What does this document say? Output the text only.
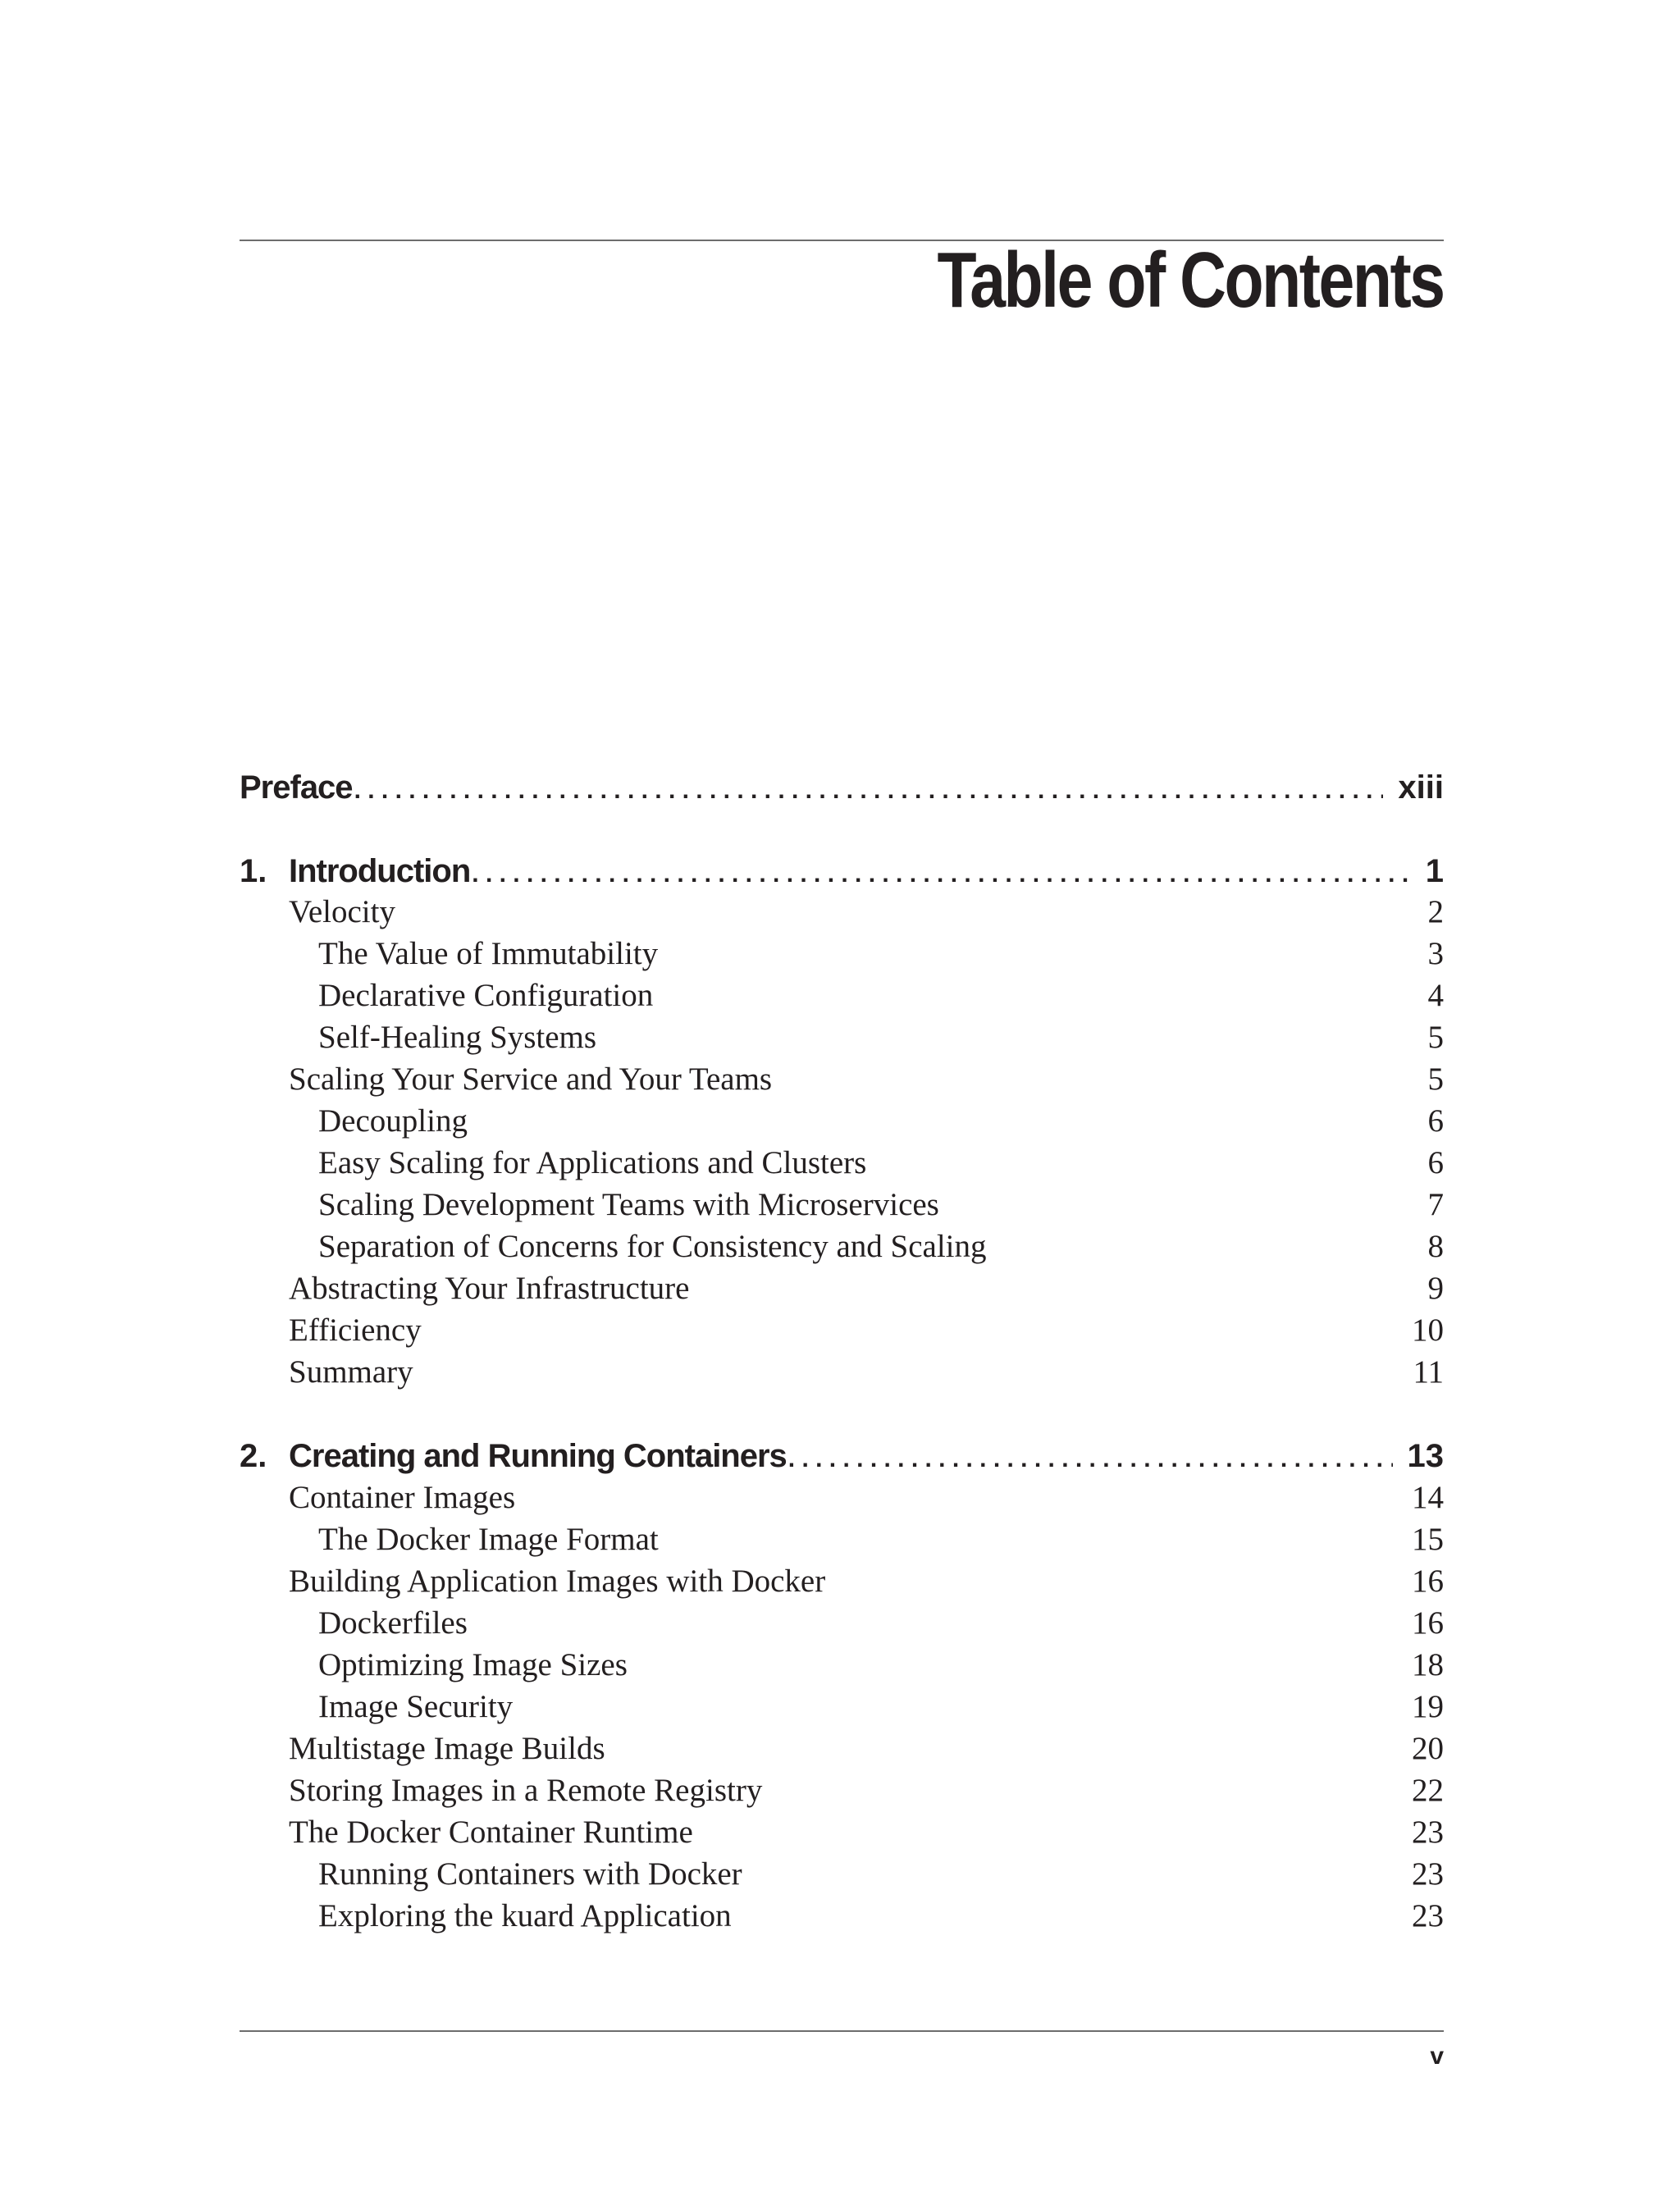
Table of Contents
Preface . . .	xiii
1. Introduction . . .	1
Velocity	2
The Value of Immutability	3
Declarative Configuration	4
Self-Healing Systems	5
Scaling Your Service and Your Teams	5
Decoupling	6
Easy Scaling for Applications and Clusters	6
Scaling Development Teams with Microservices	7
Separation of Concerns for Consistency and Scaling	8
Abstracting Your Infrastructure	9
Efficiency	10
Summary	11
2. Creating and Running Containers . . .	13
Container Images	14
The Docker Image Format	15
Building Application Images with Docker	16
Dockerfiles	16
Optimizing Image Sizes	18
Image Security	19
Multistage Image Builds	20
Storing Images in a Remote Registry	22
The Docker Container Runtime	23
Running Containers with Docker	23
Exploring the kuard Application	23
v
